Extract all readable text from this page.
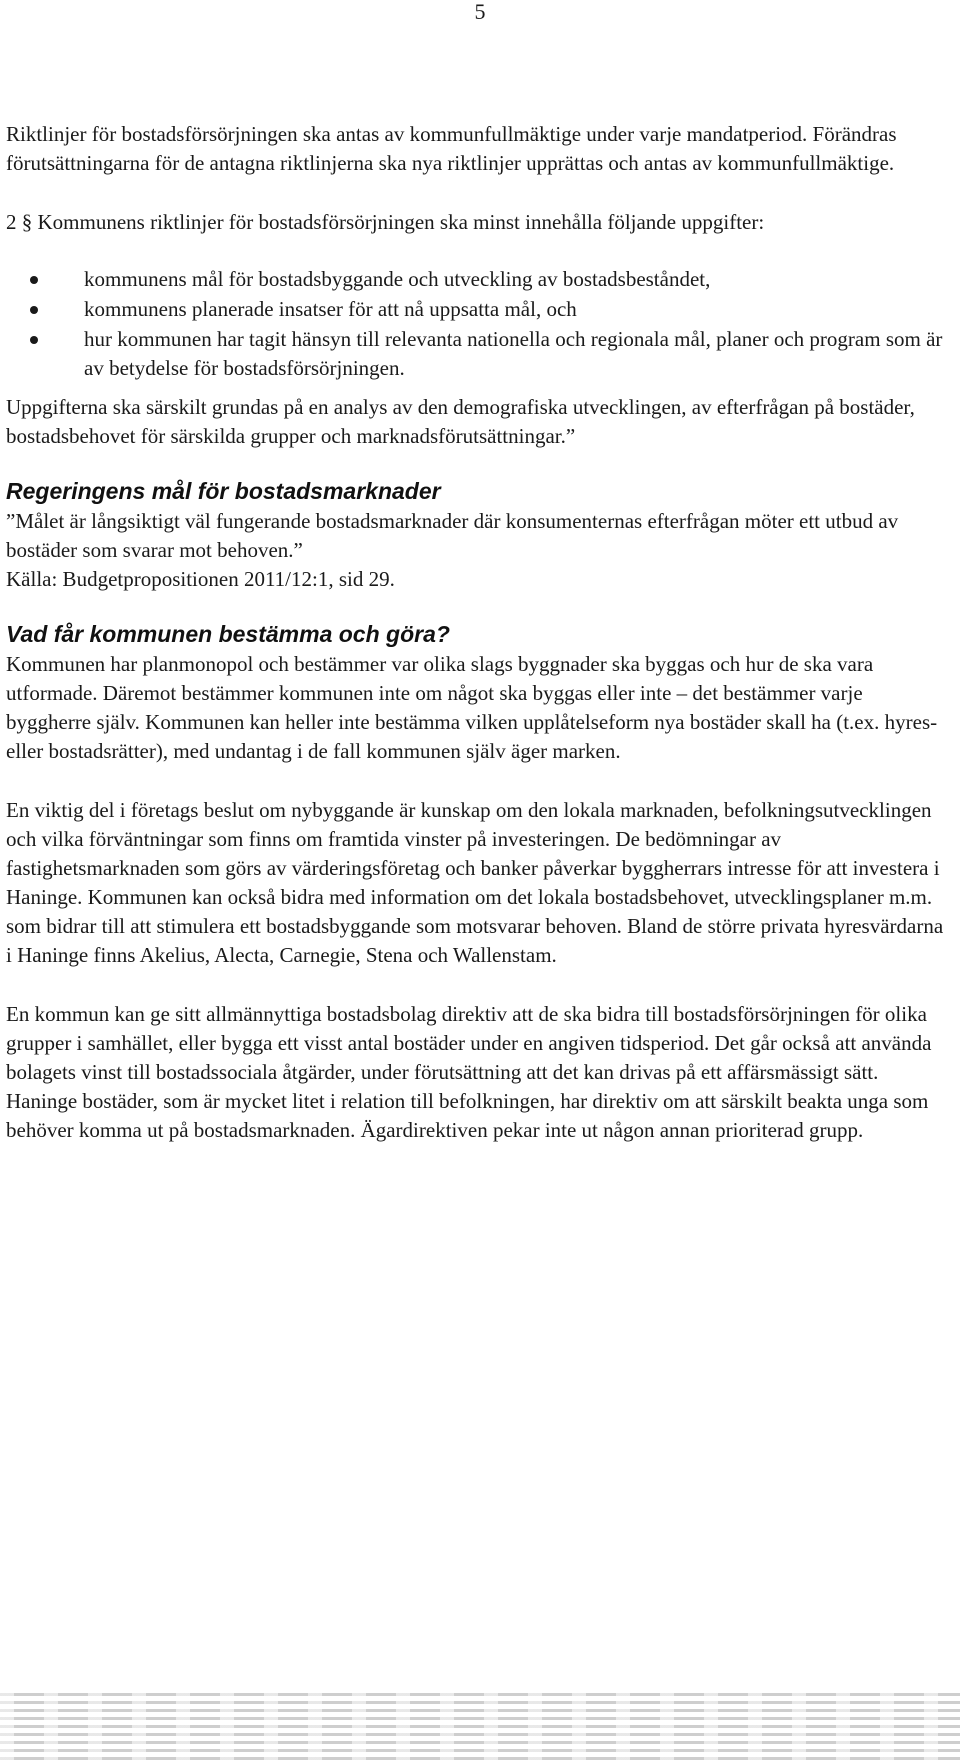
5

Riktlinjer för bostadsförsörjningen ska antas av kommunfullmäktige under varje mandatperiod. Förändras förutsättningarna för de antagna riktlinjerna ska nya riktlinjer upprättas och antas av kommunfullmäktige.

2 § Kommunens riktlinjer för bostadsförsörjningen ska minst innehålla följande uppgifter:

kommunens mål för bostadsbyggande och utveckling av bostadsbeståndet,
kommunens planerade insatser för att nå uppsatta mål, och
hur kommunen har tagit hänsyn till relevanta nationella och regionala mål, planer och program som är av betydelse för bostadsförsörjningen.

Uppgifterna ska särskilt grundas på en analys av den demografiska utvecklingen, av efterfrågan på bostäder, bostadsbehovet för särskilda grupper och marknadsförutsättningar.”

Regeringens mål för bostadsmarknader

”Målet är långsiktigt väl fungerande bostadsmarknader där konsumenternas efterfrågan möter ett utbud av bostäder som svarar mot behoven.”

Källa: Budgetpropositionen 2011/12:1, sid 29.

Vad får kommunen bestämma och göra?

Kommunen har planmonopol och bestämmer var olika slags byggnader ska byggas och hur de ska vara utformade. Däremot bestämmer kommunen inte om något ska byggas eller inte – det bestämmer varje byggherre själv. Kommunen kan heller inte bestämma vilken upplåtelseform nya bostäder skall ha (t.ex. hyres- eller bostadsrätter), med undantag i de fall kommunen själv äger marken.

En viktig del i företags beslut om nybyggande är kunskap om den lokala marknaden, befolkningsutvecklingen och vilka förväntningar som finns om framtida vinster på investeringen. De bedömningar av fastighetsmarknaden som görs av värderingsföretag och banker påverkar byggherrars intresse för att investera i Haninge. Kommunen kan också bidra med information om det lokala bostadsbehovet, utvecklingsplaner m.m. som bidrar till att stimulera ett bostadsbyggande som motsvarar behoven. Bland de större privata hyresvärdarna i Haninge finns Akelius, Alecta, Carnegie, Stena och Wallenstam.

En kommun kan ge sitt allmännyttiga bostadsbolag direktiv att de ska bidra till bostadsförsörjningen för olika grupper i samhället, eller bygga ett visst antal bostäder under en angiven tidsperiod. Det går också att använda bolagets vinst till bostadssociala åtgärder, under förutsättning att det kan drivas på ett affärsmässigt sätt. Haninge bostäder, som är mycket litet i relation till befolkningen, har direktiv om att särskilt beakta unga som behöver komma ut på bostadsmarknaden. Ägardirektiven pekar inte ut någon annan prioriterad grupp.
